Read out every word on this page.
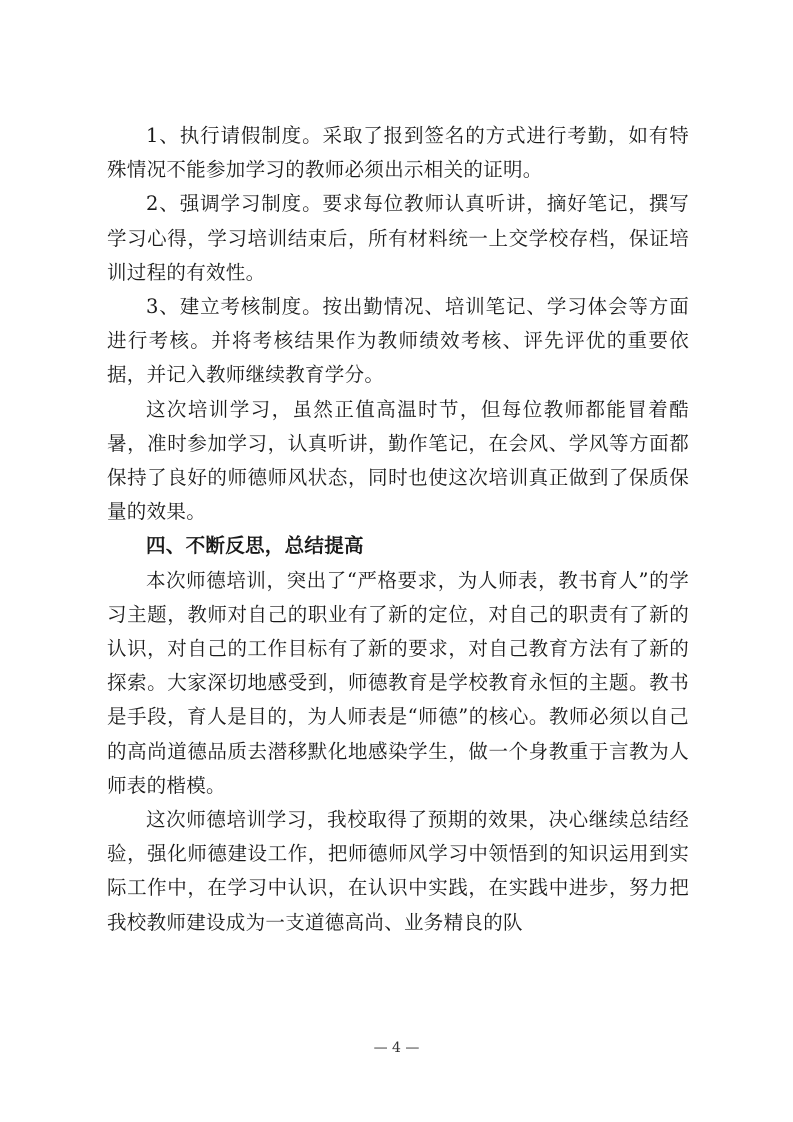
1、执行请假制度。采取了报到签名的方式进行考勤，如有特殊情况不能参加学习的教师必须出示相关的证明。

2、强调学习制度。要求每位教师认真听讲，摘好笔记，撰写学习心得，学习培训结束后，所有材料统一上交学校存档，保证培训过程的有效性。

3、建立考核制度。按出勤情况、培训笔记、学习体会等方面进行考核。并将考核结果作为教师绩效考核、评先评优的重要依据，并记入教师继续教育学分。

这次培训学习，虽然正值高温时节，但每位教师都能冒着酷暑，准时参加学习，认真听讲，勤作笔记，在会风、学风等方面都保持了良好的师德师风状态，同时也使这次培训真正做到了保质保量的效果。

四、不断反思，总结提高

本次师德培训，突出了“严格要求，为人师表，教书育人”的学习主题，教师对自己的职业有了新的定位，对自己的职责有了新的认识，对自己的工作目标有了新的要求，对自己教育方法有了新的探索。大家深切地感受到，师德教育是学校教育永恒的主题。教书是手段，育人是目的，为人师表是“师德”的核心。教师必须以自己的高尚道德品质去潜移默化地感染学生，做一个身教重于言教为人师表的楷模。

这次师德培训学习，我校取得了预期的效果，决心继续总结经验，强化师德建设工作，把师德师风学习中领悟到的知识运用到实际工作中，在学习中认识，在认识中实践，在实践中进步，努力把我校教师建设成为一支道德高尚、业务精良的队

— 4 —
